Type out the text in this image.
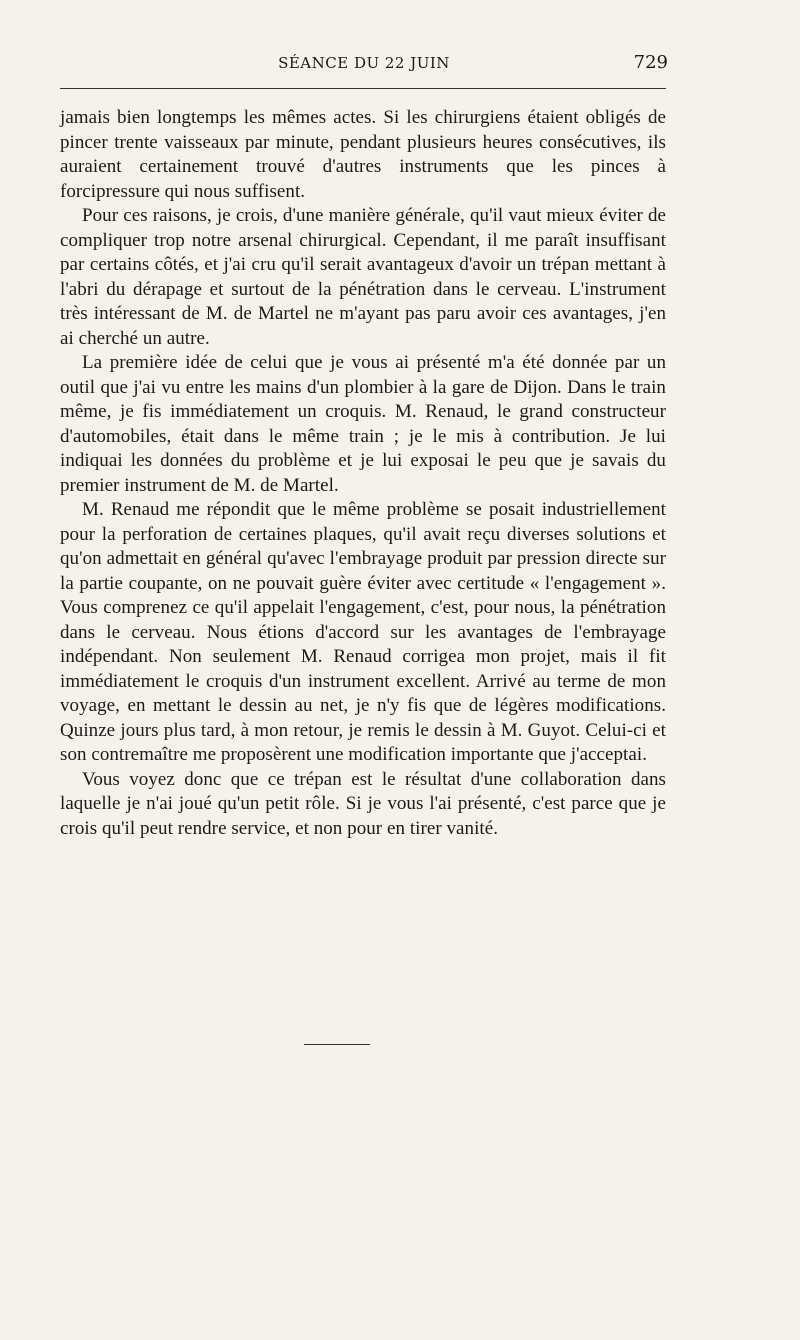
SÉANCE DU 22 JUIN	729

jamais bien longtemps les mêmes actes. Si les chirurgiens étaient obligés de pincer trente vaisseaux par minute, pendant plusieurs heures consécutives, ils auraient certainement trouvé d'autres instruments que les pinces à forcipressure qui nous suffisent.

Pour ces raisons, je crois, d'une manière générale, qu'il vaut mieux éviter de compliquer trop notre arsenal chirurgical. Cependant, il me paraît insuffisant par certains côtés, et j'ai cru qu'il serait avantageux d'avoir un trépan mettant à l'abri du dérapage et surtout de la pénétration dans le cerveau. L'instrument très intéressant de M. de Martel ne m'ayant pas paru avoir ces avantages, j'en ai cherché un autre.

La première idée de celui que je vous ai présenté m'a été donnée par un outil que j'ai vu entre les mains d'un plombier à la gare de Dijon. Dans le train même, je fis immédiatement un croquis. M. Renaud, le grand constructeur d'automobiles, était dans le même train ; je le mis à contribution. Je lui indiquai les données du problème et je lui exposai le peu que je savais du premier instrument de M. de Martel.

M. Renaud me répondit que le même problème se posait industriellement pour la perforation de certaines plaques, qu'il avait reçu diverses solutions et qu'on admettait en général qu'avec l'embrayage produit par pression directe sur la partie coupante, on ne pouvait guère éviter avec certitude « l'engagement ». Vous comprenez ce qu'il appelait l'engagement, c'est, pour nous, la pénétration dans le cerveau. Nous étions d'accord sur les avantages de l'embrayage indépendant. Non seulement M. Renaud corrigea mon projet, mais il fit immédiatement le croquis d'un instrument excellent. Arrivé au terme de mon voyage, en mettant le dessin au net, je n'y fis que de légères modifications. Quinze jours plus tard, à mon retour, je remis le dessin à M. Guyot. Celui-ci et son contremaître me proposèrent une modification importante que j'acceptai.

Vous voyez donc que ce trépan est le résultat d'une collaboration dans laquelle je n'ai joué qu'un petit rôle. Si je vous l'ai présenté, c'est parce que je crois qu'il peut rendre service, et non pour en tirer vanité.
